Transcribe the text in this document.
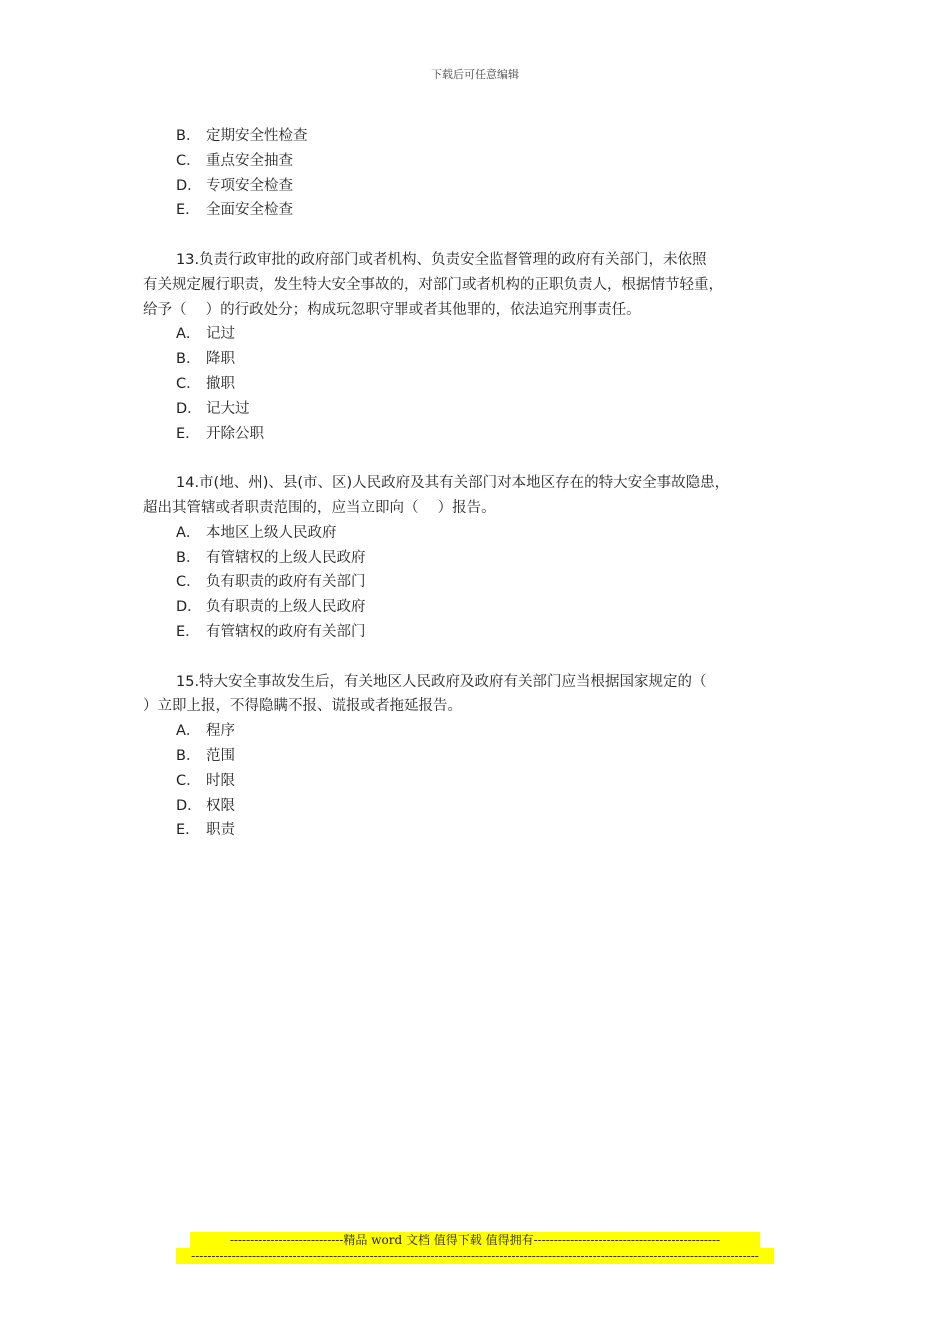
下载后可任意编辑
B． 定期安全性检查
C． 重点安全抽查
D． 专项安全检查
E． 全面安全检查
13.负责行政审批的政府部门或者机构、负责安全监督管理的政府有关部门，未依照
有关规定履行职责，发生特大安全事故的，对部门或者机构的正职负责人，根据情节轻重，
给予（　 ）的行政处分；构成玩忽职守罪或者其他罪的，依法追究刑事责任。
A． 记过
B． 降职
C． 撤职
D． 记大过
E． 开除公职
14.市(地、州)、县(市、区)人民政府及其有关部门对本地区存在的特大安全事故隐患，
超出其管辖或者职责范围的，应当立即向（　 ）报告。
A． 本地区上级人民政府
B． 有管辖权的上级人民政府
C． 负有职责的政府有关部门
D． 负有职责的上级人民政府
E． 有管辖权的政府有关部门
15.特大安全事故发生后，有关地区人民政府及政府有关部门应当根据国家规定的（
）立即上报，不得隐瞒不报、谎报或者拖延报告。
A． 程序
B． 范围
C． 时限
D． 权限
E． 职责
----------------------------精品 word 文档 值得下载 值得拥有----------------------------------------------
--------------------------------------------------------------------------------------------------------------------------------------------
